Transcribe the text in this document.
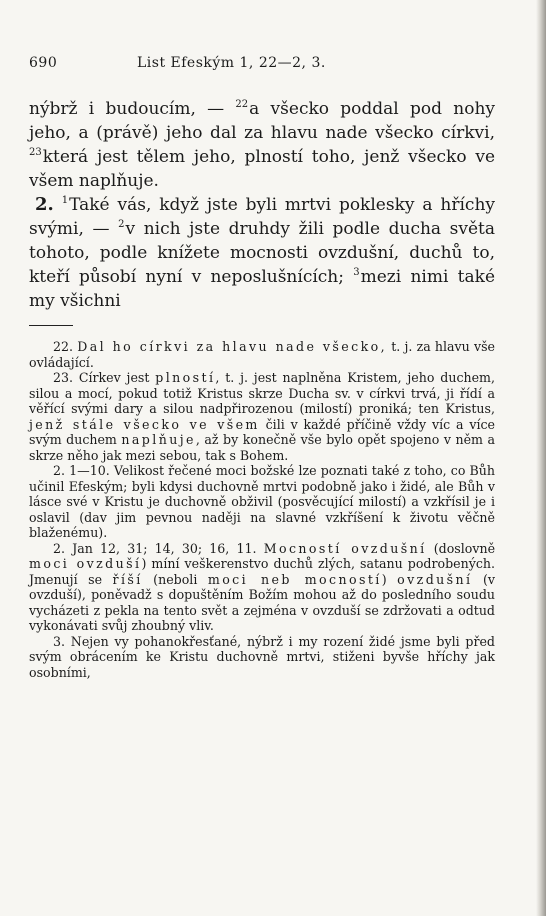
690	List Efeským 1, 22—2, 3.

nýbrž i budoucím, — $^{22}$a všecko poddal pod nohy jeho, a (právě) jeho dal za hlavu nade všecko církvi, $^{23}$která jest tělem jeho, plností toho, jenž všecko ve všem naplňuje.

2. $^1$Také vás, když jste byli mrtvi poklesky a hříchy svými, — $^2$v nich jste druhdy žili podle ducha světa tohoto, podle knížete mocnosti ovzdušní, duchů to, kteří působí nyní v neposlušnících; $^3$mezi nimi také my všichni

22. Dal ho církvi za hlavu nade všecko, t. j. za hlavu vše ovládající.

23. Církev jest plností, t. j. jest naplněna Kristem, jeho duchem, silou a mocí, pokud totiž Kristus skrze Ducha sv. v církvi trvá, ji řídí a věřící svými dary a silou nadpřirozenou (milostí) proniká; ten Kristus, jenž stále všecko ve všem čili v každé příčině vždy víc a více svým duchem naplňuje, až by konečně vše bylo opět spojeno v něm a skrze něho jak mezi sebou, tak s Bohem.

2. 1—10. Velikost řečené moci božské lze poznati také z toho, co Bůh učinil Efeským; byli kdysi duchovně mrtvi podobně jako i židé, ale Bůh v lásce své v Kristu je duchovně obživil (posvěcující milostí) a vzkřísil je i oslavil (dav jim pevnou naději na slavné vzkříšení k životu věčně blaženému).

2. Jan 12, 31; 14, 30; 16, 11. Mocností ovzdušní (doslovně moci ovzduší) míní veškerenstvo duchů zlých, satanu podrobených. Jmenují se říší (neboli moci neb mocností) ovzdušní (v ovzduší), poněvadž s dopuštěním Božím mohou až do posledního soudu vycházeti z pekla na tento svět a zejména v ovzduší se zdržovati a odtud vykonávati svůj zhoubný vliv.

3. Nejen vy pohanokřesťané, nýbrž i my rození židé jsme byli před svým obrácením ke Kristu duchovně mrtvi, stiženi byvše hříchy jak osobními,
